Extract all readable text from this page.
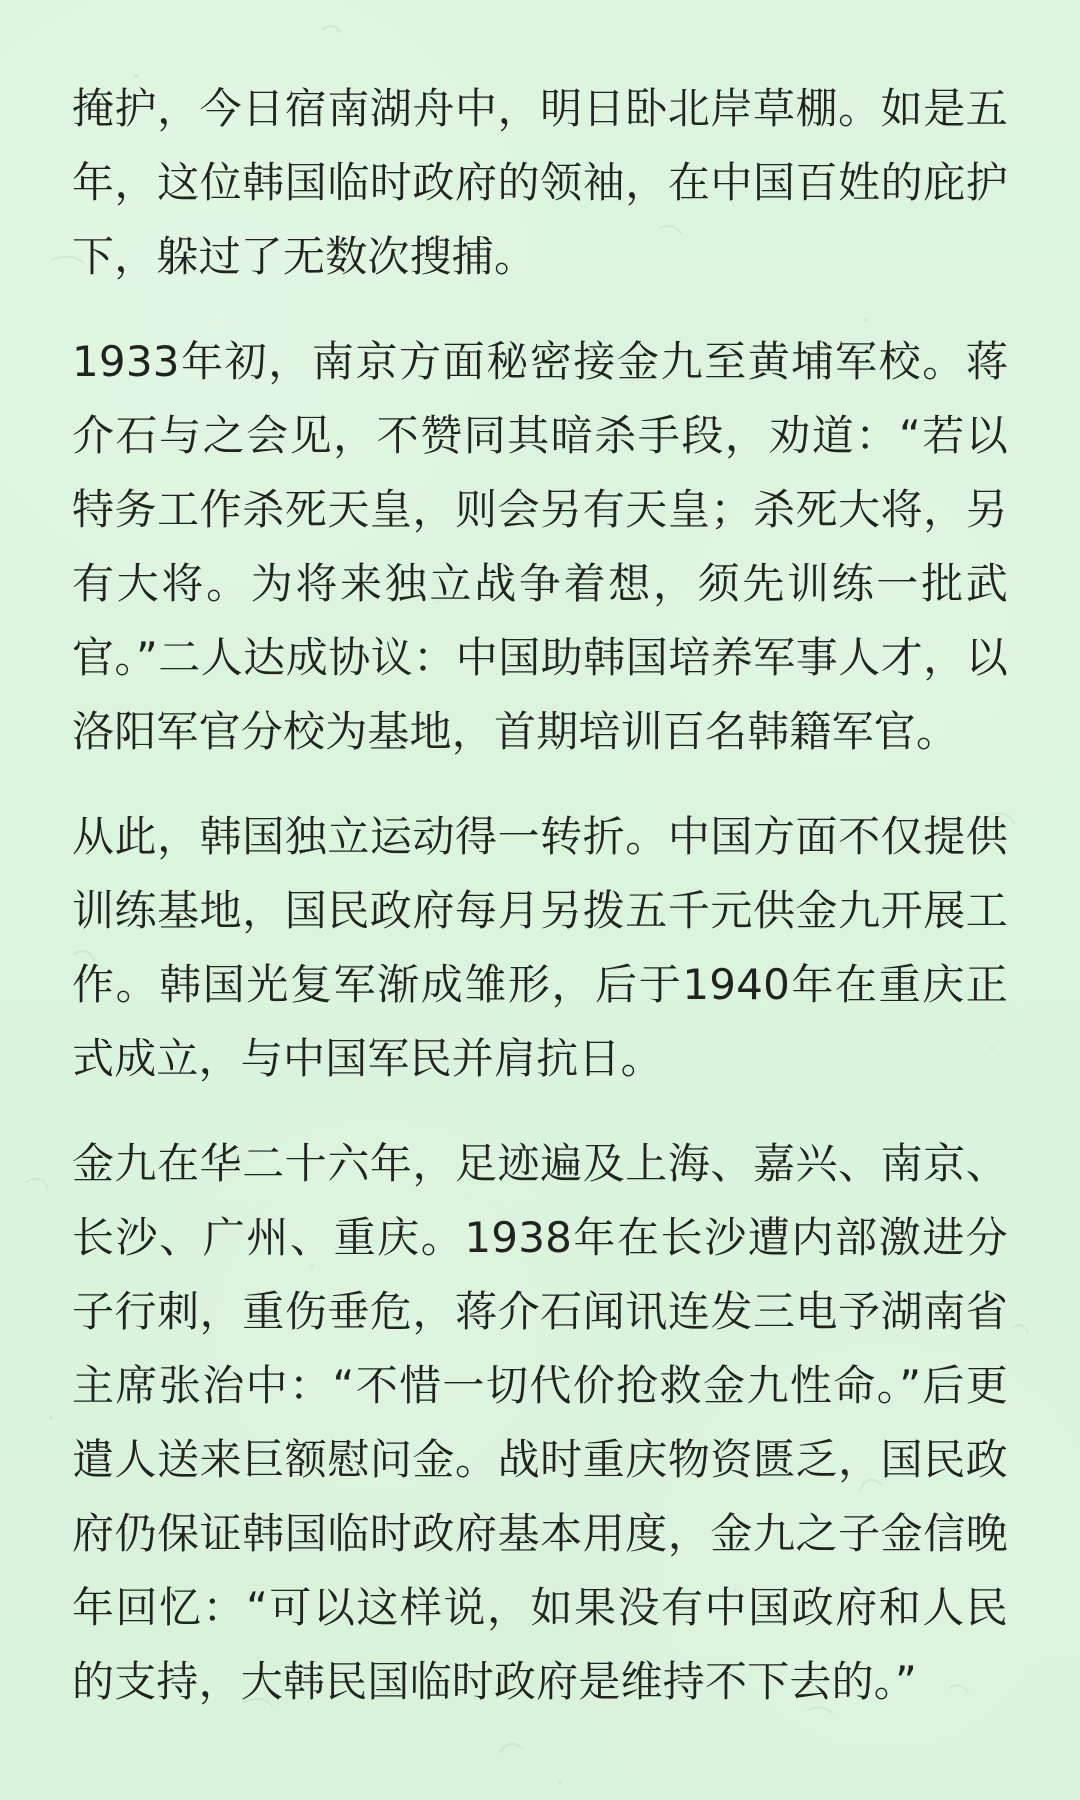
掩护，今日宿南湖舟中，明日卧北岸草棚。如是五年，这位韩国临时政府的领袖，在中国百姓的庇护下，躲过了无数次搜捕。

1933年初，南京方面秘密接金九至黄埔军校。蒋介石与之会见，不赞同其暗杀手段，劝道：“若以特务工作杀死天皇，则会另有天皇；杀死大将，另有大将。为将来独立战争着想，须先训练一批武官。”二人达成协议：中国助韩国培养军事人才，以洛阳军官分校为基地，首期培训百名韩籍军官。

从此，韩国独立运动得一转折。中国方面不仅提供训练基地，国民政府每月另拨五千元供金九开展工作。韩国光复军渐成雏形，后于1940年在重庆正式成立，与中国军民并肩抗日。

金九在华二十六年，足迹遍及上海、嘉兴、南京、长沙、广州、重庆。1938年在长沙遭内部激进分子行刺，重伤垂危，蒋介石闻讯连发三电予湖南省主席张治中：“不惜一切代价抢救金九性命。”后更遣人送来巨额慰问金。战时重庆物资匮乏，国民政府仍保证韩国临时政府基本用度，金九之子金信晚年回忆：“可以这样说，如果没有中国政府和人民的支持，大韩民国临时政府是维持不下去的。”
